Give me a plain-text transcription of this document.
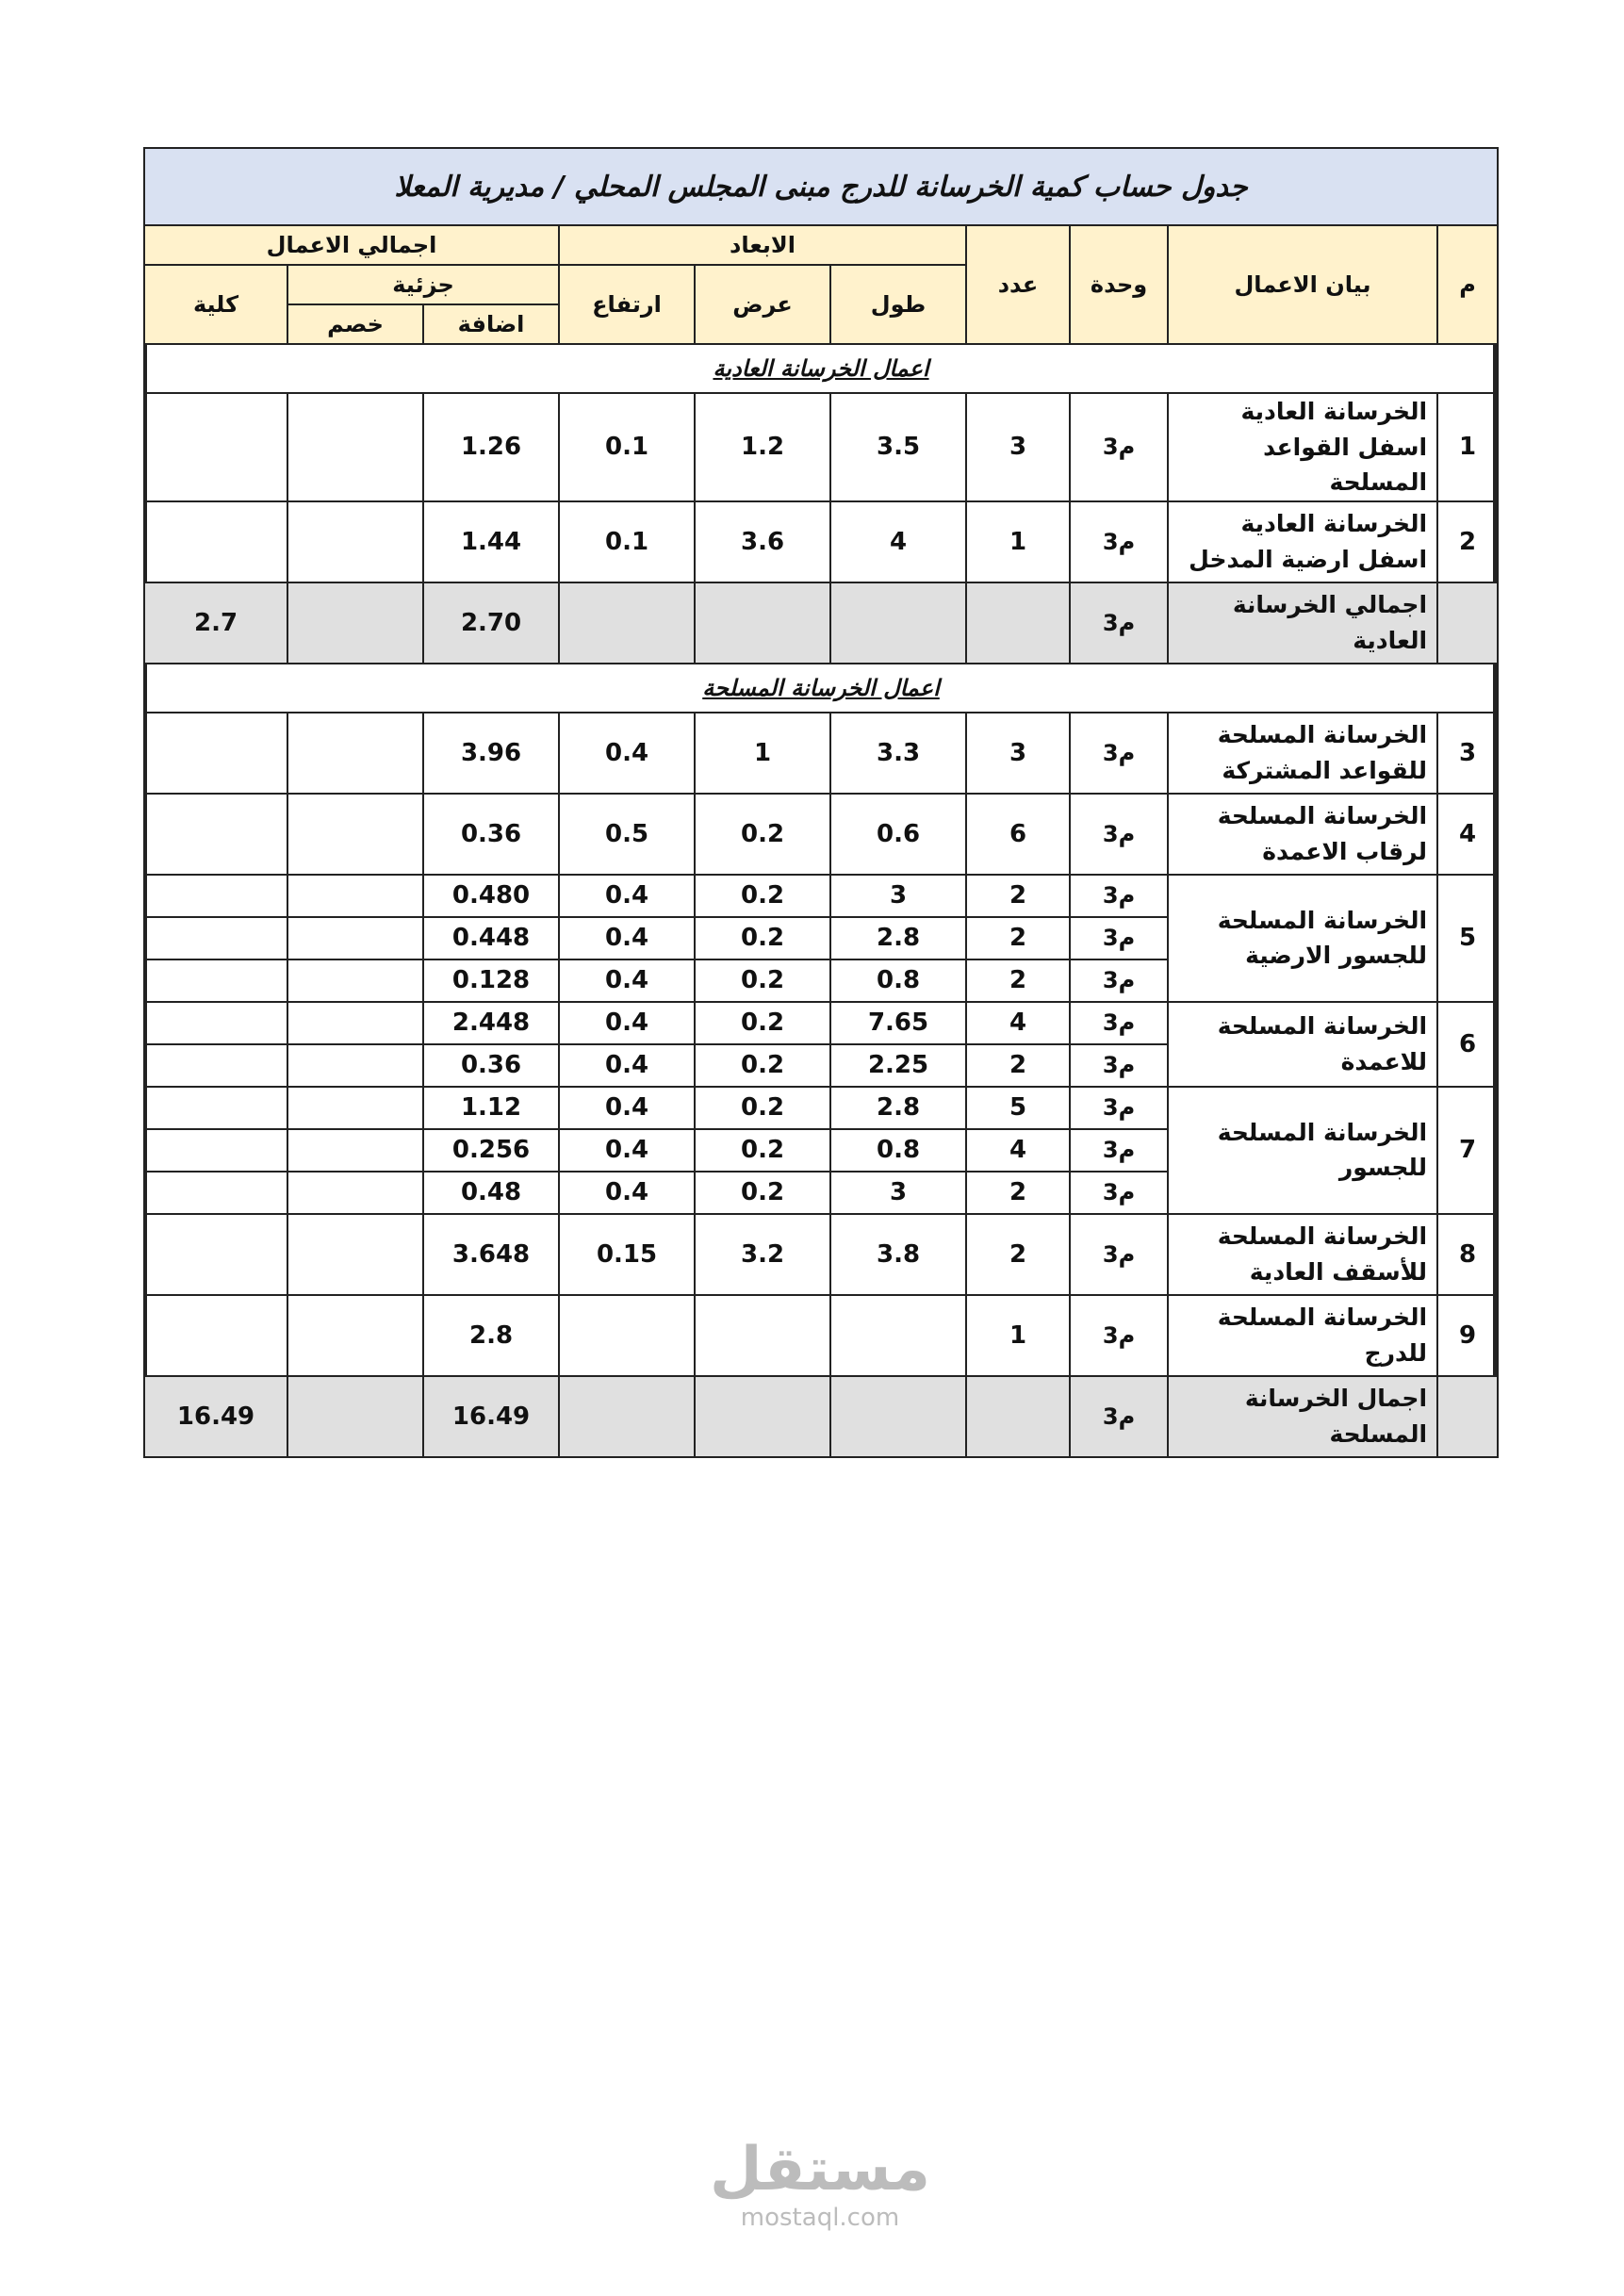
جدول حساب كمية الخرسانة للدرج مبنى المجلس المحلي / مديرية المعلا									
م	بيان الاعمال	وحدة	عدد	الابعاد			اجمالي الاعمال		
				طول	عرض	ارتفاع	جزئية		كلية
							اضافة	خصم	
اعمال الخرسانة العادية									
1	الخرسانة العادية اسفل القواعد المسلحة	م3	3	3.5	1.2	0.1	1.26		
2	الخرسانة العادية اسفل ارضية المدخل	م3	1	4	3.6	0.1	1.44		
	اجمالي الخرسانة العادية	م3					2.70		2.7
اعمال الخرسانة المسلحة									
3	الخرسانة المسلحة للقواعد المشتركة	م3	3	3.3	1	0.4	3.96		
4	الخرسانة المسلحة لرقاب الاعمدة	م3	6	0.6	0.2	0.5	0.36		
5	الخرسانة المسلحة للجسور الارضية	م3	2	3	0.2	0.4	0.480		
		م3	2	2.8	0.2	0.4	0.448		
		م3	2	0.8	0.2	0.4	0.128		
6	الخرسانة المسلحة للاعمدة	م3	4	7.65	0.2	0.4	2.448		
		م3	2	2.25	0.2	0.4	0.36		
7	الخرسانة المسلحة للجسور	م3	5	2.8	0.2	0.4	1.12		
		م3	4	0.8	0.2	0.4	0.256		
		م3	2	3	0.2	0.4	0.48		
8	الخرسانة المسلحة للأسقف العادية	م3	2	3.8	3.2	0.15	3.648		
9	الخرسانة المسلحة للدرج	م3	1				2.8		
	اجمال الخرسانة المسلحة	م3					16.49		16.49
مستقل
mostaql.com
